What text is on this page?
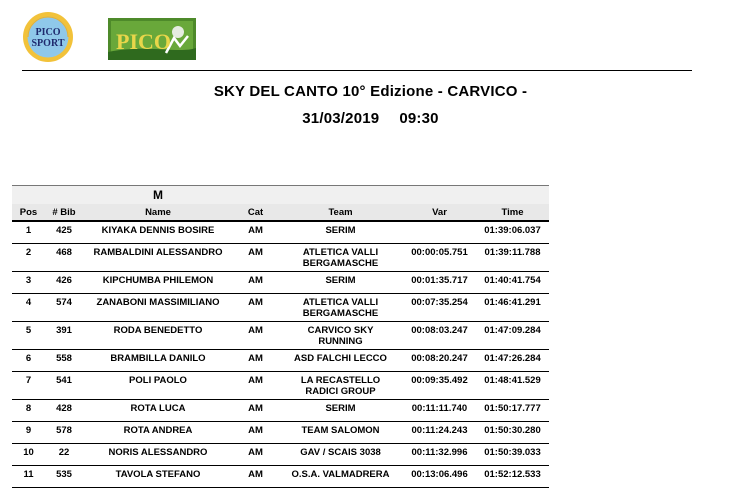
PICO
SPORT PICO
SKY DEL CANTO 10° Edizione - CARVICO -
31/03/2019 09:30
		M				
Pos	# Bib	Name	Cat	Team	Var	Time
1	425	KIYAKA DENNIS BOSIRE	AM	SERIM		01:39:06.037
2	468	RAMBALDINI ALESSANDRO	AM	ATLETICA VALLI
BERGAMASCHE	00:00:05.751	01:39:11.788
3	426	KIPCHUMBA PHILEMON	AM	SERIM	00:01:35.717	01:40:41.754
4	574	ZANABONI MASSIMILIANO	AM	ATLETICA VALLI
BERGAMASCHE	00:07:35.254	01:46:41.291
5	391	RODA BENEDETTO	AM	CARVICO SKY
RUNNING	00:08:03.247	01:47:09.284
6	558	BRAMBILLA DANILO	AM	ASD FALCHI LECCO	00:08:20.247	01:47:26.284
7	541	POLI PAOLO	AM	LA RECASTELLO
RADICI GROUP	00:09:35.492	01:48:41.529
8	428	ROTA LUCA	AM	SERIM	00:11:11.740	01:50:17.777
9	578	ROTA ANDREA	AM	TEAM SALOMON	00:11:24.243	01:50:30.280
10	22	NORIS ALESSANDRO	AM	GAV / SCAIS 3038	00:11:32.996	01:50:39.033
11	535	TAVOLA STEFANO	AM	O.S.A. VALMADRERA	00:13:06.496	01:52:12.533
